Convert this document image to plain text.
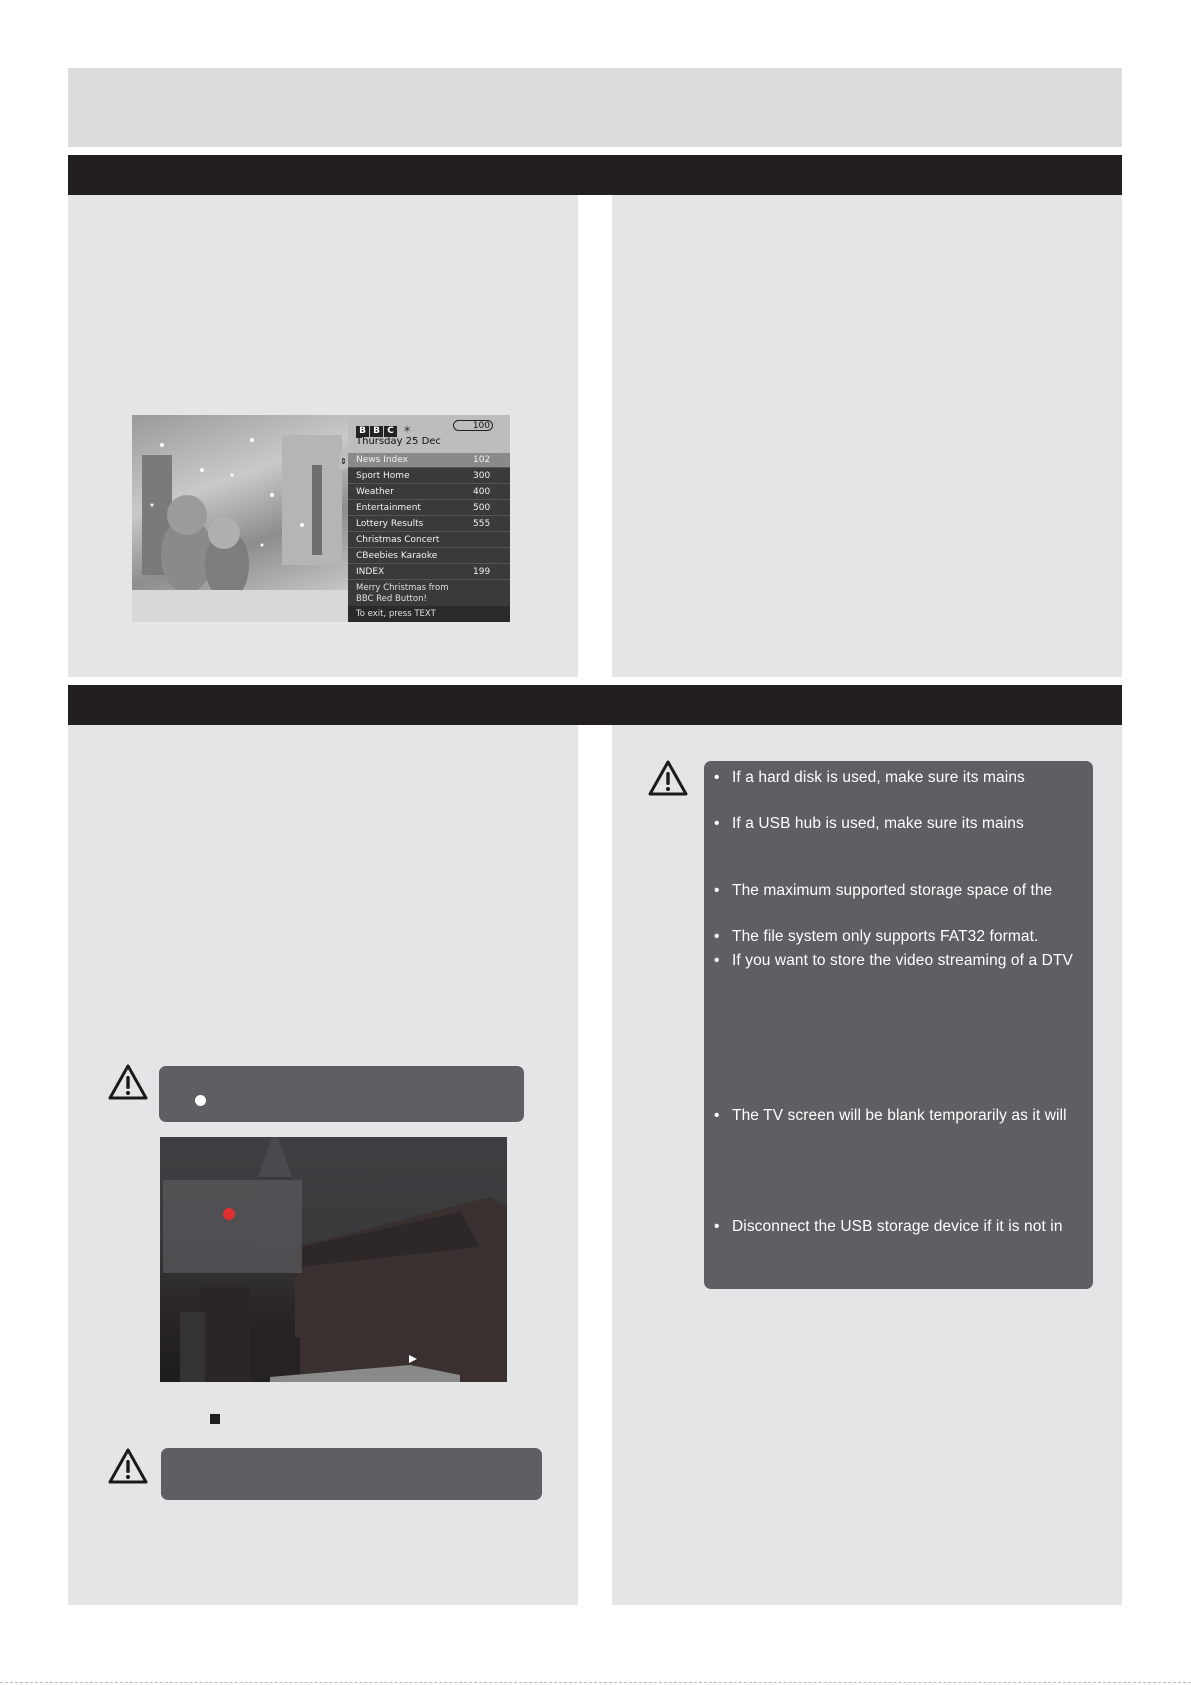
B B C ✶	100
Thursday 25 Dec
⇕ News Index	102
Sport Home	300
Weather	400
Entertainment	500
Lottery Results	555
Christmas Concert
CBeebies Karaoke
INDEX	199
Merry Christmas from
BBC Red Button!
To exit, press TEXT
• If a hard disk is used, make sure its mains
• If a USB hub is used, make sure its mains
• The maximum supported storage space of the
• The file system only supports FAT32 format.
• If you want to store the video streaming of a DTV
• The TV screen will be blank temporarily as it will
• Disconnect the USB storage device if it is not in
